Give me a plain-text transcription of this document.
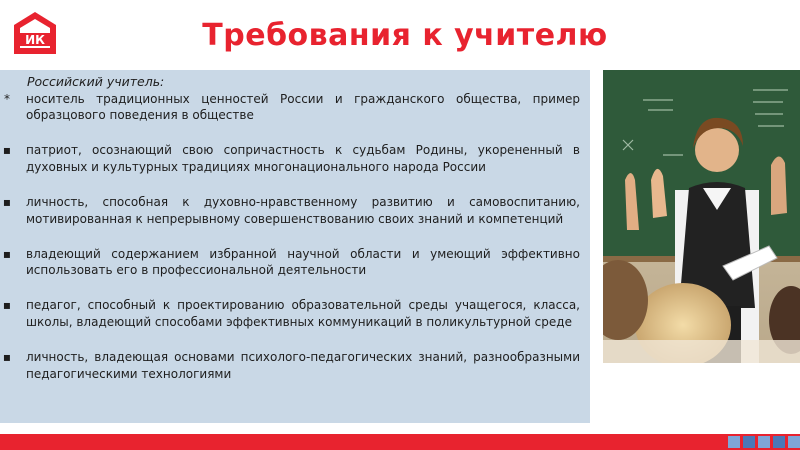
ИК	Требования к учителю
Российский учитель:
* носитель традиционных ценностей России и гражданского общества, пример образцового поведения в обществе
▪ патриот, осознающий свою сопричастность к судьбам Родины, укорененный в духовных и культурных традициях многонационального народа России
▪ личность, способная к духовно-нравственному развитию и самовоспитанию, мотивированная к непрерывному совершенствованию своих знаний и компетенций
▪ владеющий содержанием избранной научной области и умеющий эффективно использовать его в профессиональной деятельности
▪ педагог, способный к проектированию образовательной среды учащегося, класса, школы, владеющий способами эффективных коммуникаций в поликультурной среде
▪ личность, владеющая основами психолого-педагогических знаний, разнообразными педагогическими технологиями
